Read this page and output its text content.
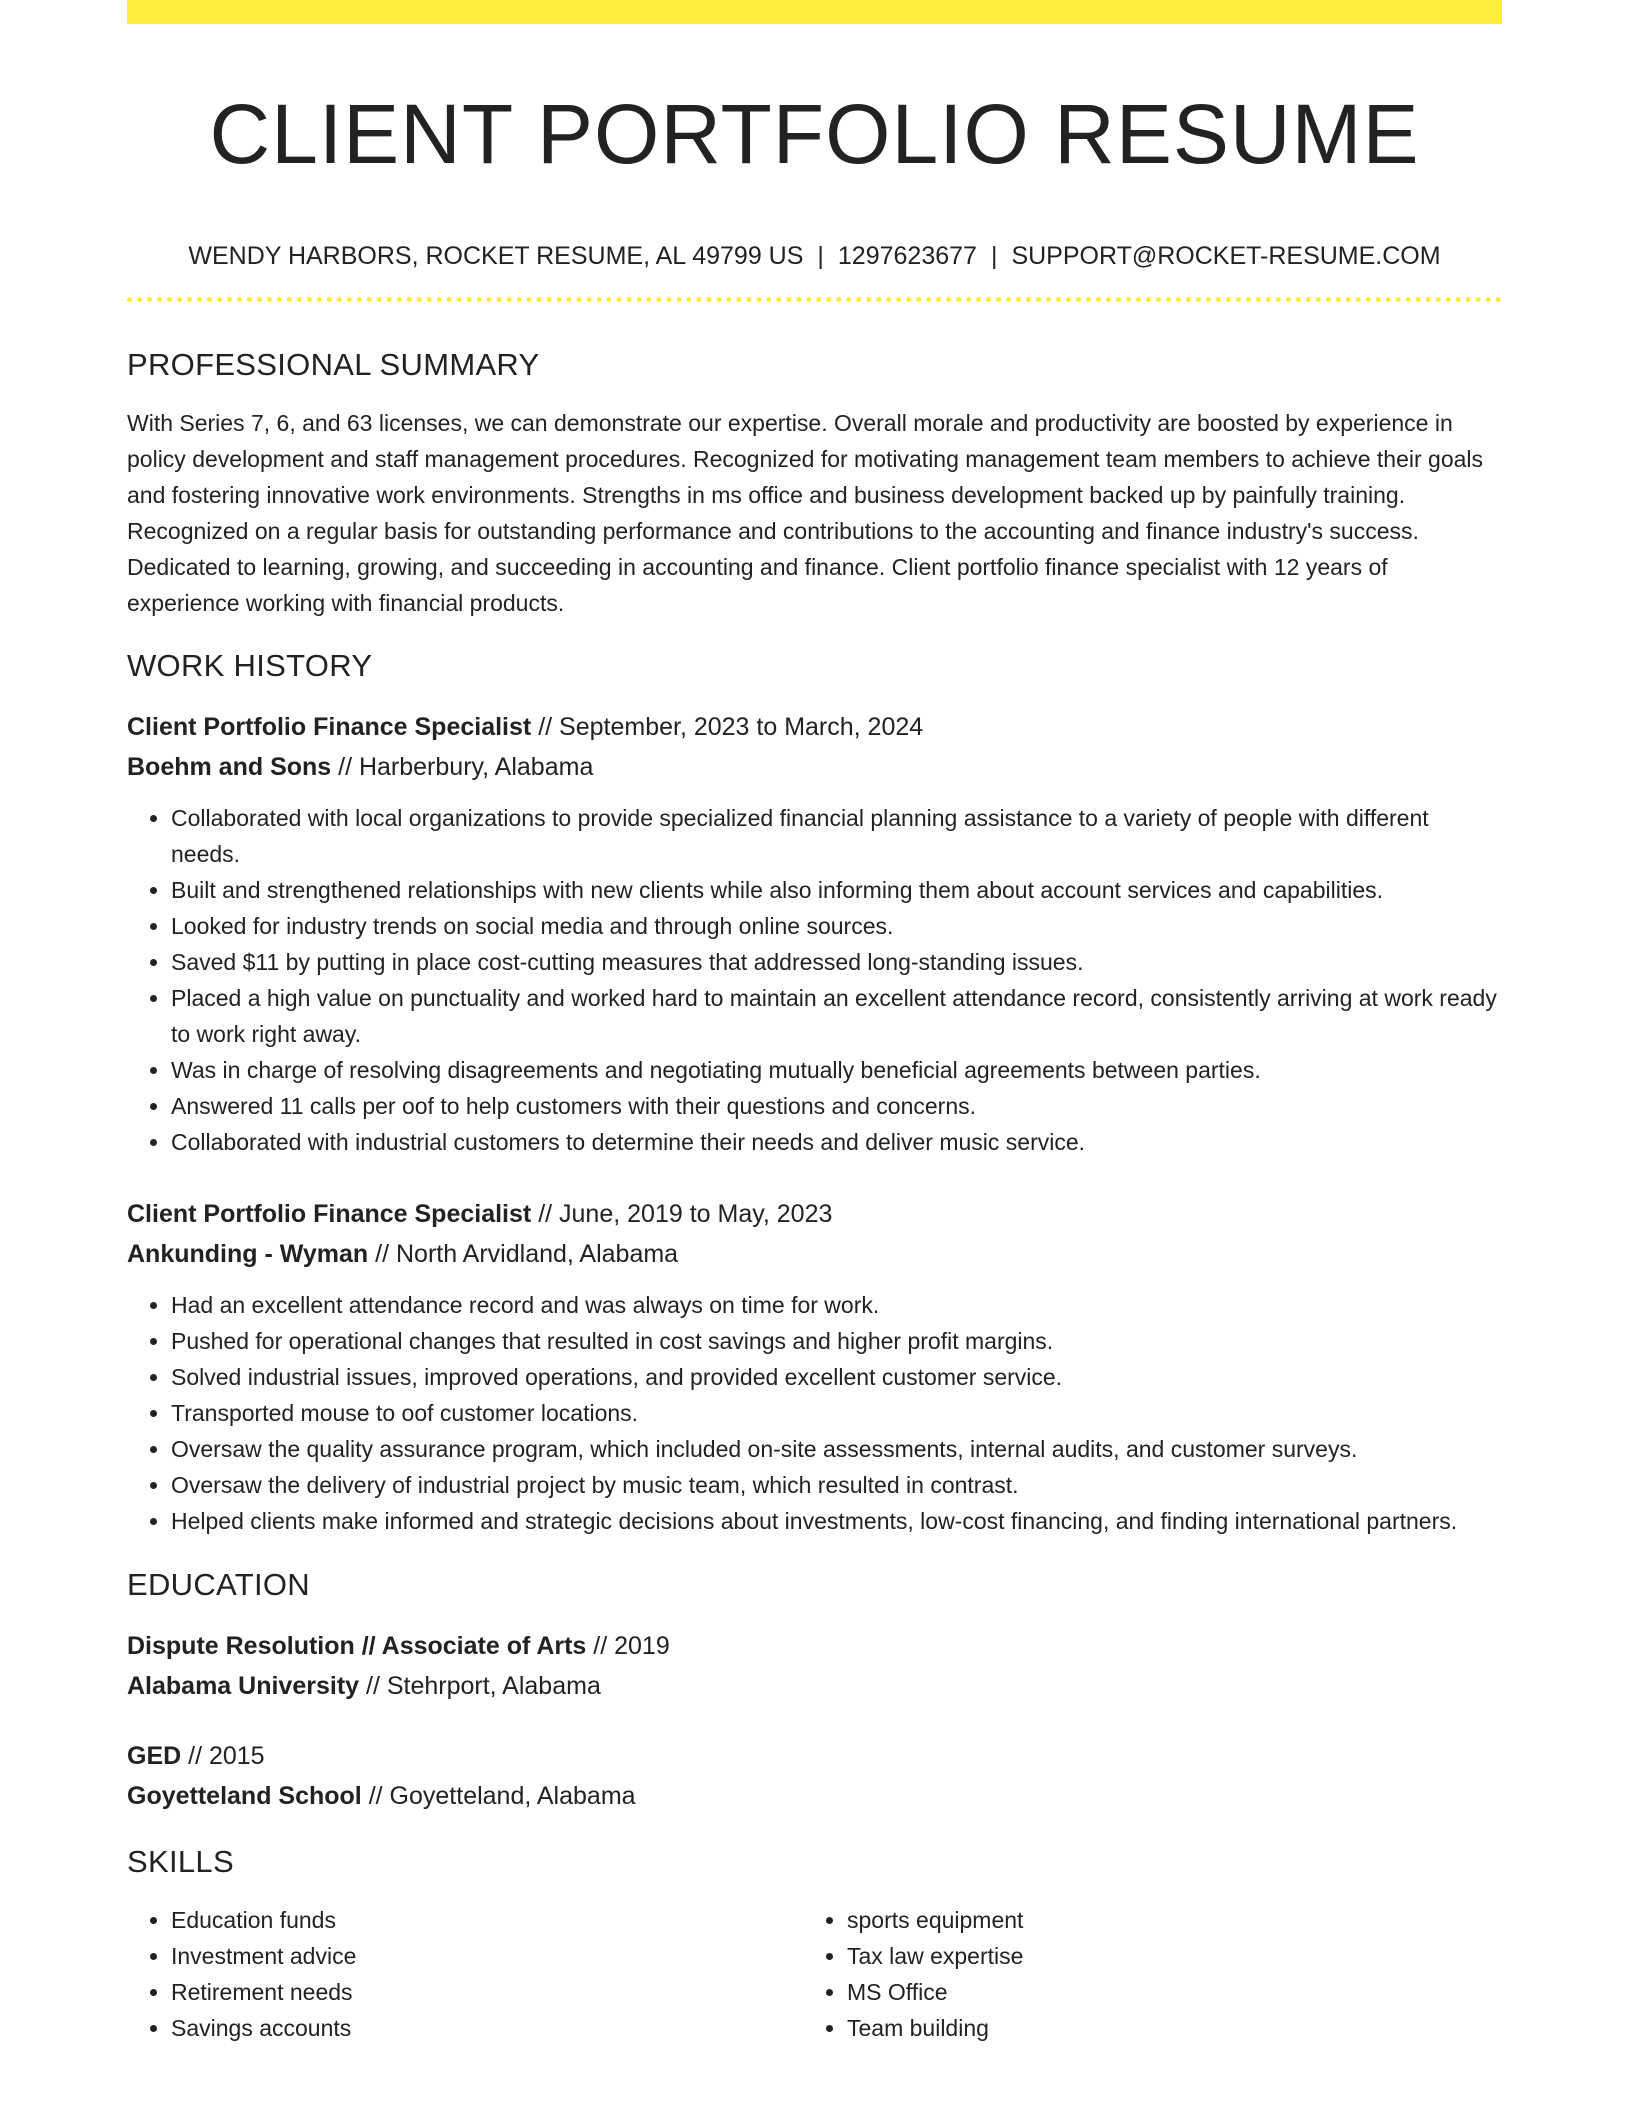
CLIENT PORTFOLIO RESUME
WENDY HARBORS, ROCKET RESUME, AL 49799 US | 1297623677 | SUPPORT@ROCKET-RESUME.COM
PROFESSIONAL SUMMARY

With Series 7, 6, and 63 licenses, we can demonstrate our expertise. Overall morale and productivity are boosted by experience in policy development and staff management procedures. Recognized for motivating management team members to achieve their goals and fostering innovative work environments. Strengths in ms office and business development backed up by painfully training. Recognized on a regular basis for outstanding performance and contributions to the accounting and finance industry's success. Dedicated to learning, growing, and succeeding in accounting and finance. Client portfolio finance specialist with 12 years of experience working with financial products.

WORK HISTORY
Client Portfolio Finance Specialist // September, 2023 to March, 2024
Boehm and Sons // Harberbury, Alabama
• Collaborated with local organizations to provide specialized financial planning assistance to a variety of people with different needs.
• Built and strengthened relationships with new clients while also informing them about account services and capabilities.
• Looked for industry trends on social media and through online sources.
• Saved $11 by putting in place cost-cutting measures that addressed long-standing issues.
• Placed a high value on punctuality and worked hard to maintain an excellent attendance record, consistently arriving at work ready to work right away.
• Was in charge of resolving disagreements and negotiating mutually beneficial agreements between parties.
• Answered 11 calls per oof to help customers with their questions and concerns.
• Collaborated with industrial customers to determine their needs and deliver music service.
Client Portfolio Finance Specialist // June, 2019 to May, 2023
Ankunding - Wyman // North Arvidland, Alabama
• Had an excellent attendance record and was always on time for work.
• Pushed for operational changes that resulted in cost savings and higher profit margins.
• Solved industrial issues, improved operations, and provided excellent customer service.
• Transported mouse to oof customer locations.
• Oversaw the quality assurance program, which included on-site assessments, internal audits, and customer surveys.
• Oversaw the delivery of industrial project by music team, which resulted in contrast.
• Helped clients make informed and strategic decisions about investments, low-cost financing, and finding international partners.
EDUCATION
Dispute Resolution // Associate of Arts // 2019
Alabama University // Stehrport, Alabama
GED // 2015
Goyetteland School // Goyetteland, Alabama
SKILLS
• Education funds
• Investment advice
• Retirement needs
• Savings accounts
• sports equipment
• Tax law expertise
• MS Office
• Team building
